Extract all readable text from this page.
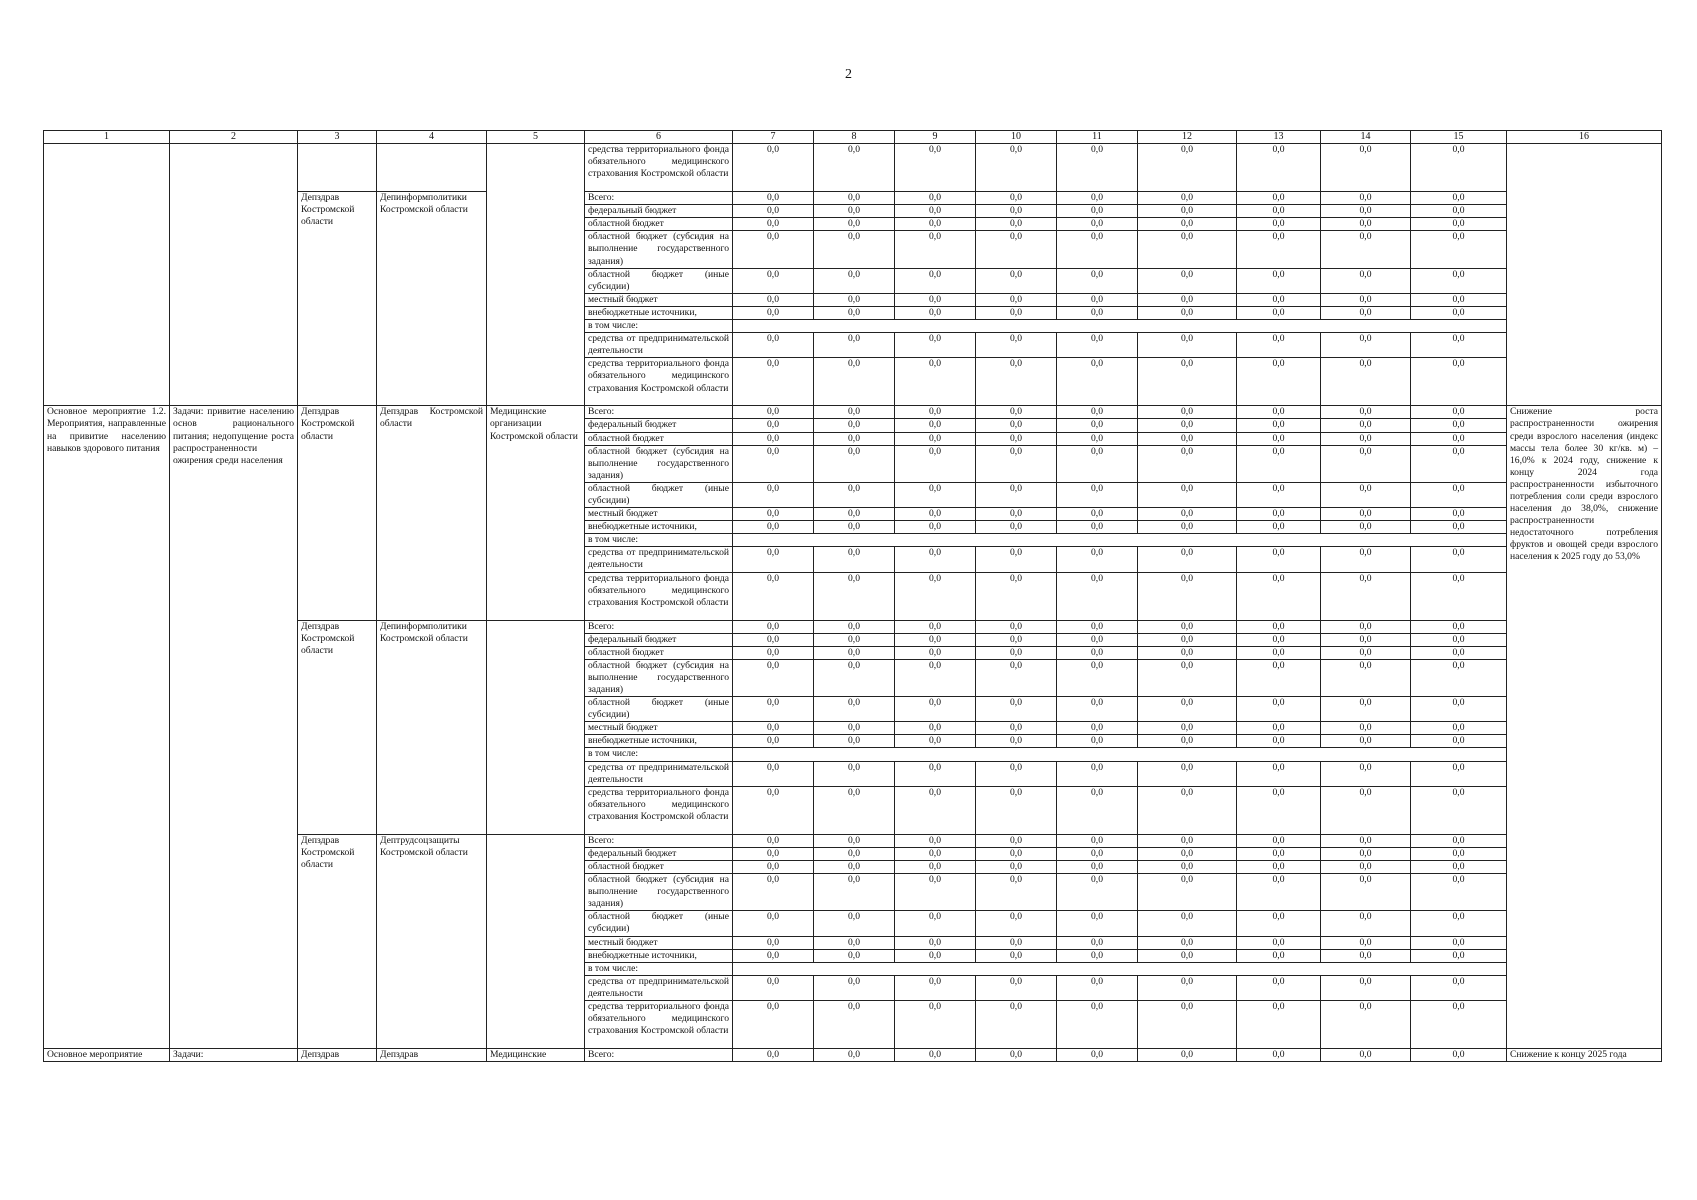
2
1	2	3	4	5	6	7	8	9	10	11	12	13	14	15	16
					средства территориального фонда обязательного медицинского страхования Костромской области	0,0	0,0	0,0	0,0	0,0	0,0	0,0	0,0	0,0	
		Депздрав Костромской области	Депинформполитики Костромской области		Всего:	0,0	0,0	0,0	0,0	0,0	0,0	0,0	0,0	0,0	
					федеральный бюджет	0,0	0,0	0,0	0,0	0,0	0,0	0,0	0,0	0,0	
					областной бюджет	0,0	0,0	0,0	0,0	0,0	0,0	0,0	0,0	0,0	
					областной бюджет (субсидия на выполнение государственного задания)	0,0	0,0	0,0	0,0	0,0	0,0	0,0	0,0	0,0	
					областной бюджет (иные субсидии)	0,0	0,0	0,0	0,0	0,0	0,0	0,0	0,0	0,0	
					местный бюджет	0,0	0,0	0,0	0,0	0,0	0,0	0,0	0,0	0,0	
					внебюджетные источники,	0,0	0,0	0,0	0,0	0,0	0,0	0,0	0,0	0,0	
					в том числе:										
					средства от предпринимательской деятельности	0,0	0,0	0,0	0,0	0,0	0,0	0,0	0,0	0,0	
					средства территориального фонда обязательного медицинского страхования Костромской области	0,0	0,0	0,0	0,0	0,0	0,0	0,0	0,0	0,0	
Основное мероприятие 1.2. Мероприятия, направленные на привитие населению навыков здорового питания	Задачи: привитие населению основ рационального питания; недопущение роста распространенности ожирения среди населения	Депздрав Костромской области	Депздрав Костромской области	Медицинские организации Костромской области	Всего:	0,0	0,0	0,0	0,0	0,0	0,0	0,0	0,0	0,0	Снижение роста распространенности ожирения среди взрослого населения (индекс массы тела более 30 кг/кв. м) – 16,0% к 2024 году, снижение к концу 2024 года распространенности избыточного потребления соли среди взрослого населения до 38,0%, снижение распространенности недостаточного потребления фруктов и овощей среди взрослого населения к 2025 году до 53,0%
					федеральный бюджет	0,0	0,0	0,0	0,0	0,0	0,0	0,0	0,0	0,0	
					областной бюджет	0,0	0,0	0,0	0,0	0,0	0,0	0,0	0,0	0,0	
					областной бюджет (субсидия на выполнение государственного задания)	0,0	0,0	0,0	0,0	0,0	0,0	0,0	0,0	0,0	
					областной бюджет (иные субсидии)	0,0	0,0	0,0	0,0	0,0	0,0	0,0	0,0	0,0	
					местный бюджет	0,0	0,0	0,0	0,0	0,0	0,0	0,0	0,0	0,0	
					внебюджетные источники,	0,0	0,0	0,0	0,0	0,0	0,0	0,0	0,0	0,0	
					в том числе:										
					средства от предпринимательской деятельности	0,0	0,0	0,0	0,0	0,0	0,0	0,0	0,0	0,0	
					средства территориального фонда обязательного медицинского страхования Костромской области	0,0	0,0	0,0	0,0	0,0	0,0	0,0	0,0	0,0	
		Депздрав Костромской области	Депинформполитики Костромской области		Всего:	0,0	0,0	0,0	0,0	0,0	0,0	0,0	0,0	0,0	
					федеральный бюджет	0,0	0,0	0,0	0,0	0,0	0,0	0,0	0,0	0,0	
					областной бюджет	0,0	0,0	0,0	0,0	0,0	0,0	0,0	0,0	0,0	
					областной бюджет (субсидия на выполнение государственного задания)	0,0	0,0	0,0	0,0	0,0	0,0	0,0	0,0	0,0	
					областной бюджет (иные субсидии)	0,0	0,0	0,0	0,0	0,0	0,0	0,0	0,0	0,0	
					местный бюджет	0,0	0,0	0,0	0,0	0,0	0,0	0,0	0,0	0,0	
					внебюджетные источники,	0,0	0,0	0,0	0,0	0,0	0,0	0,0	0,0	0,0	
					в том числе:										
					средства от предпринимательской деятельности	0,0	0,0	0,0	0,0	0,0	0,0	0,0	0,0	0,0	
					средства территориального фонда обязательного медицинского страхования Костромской области	0,0	0,0	0,0	0,0	0,0	0,0	0,0	0,0	0,0	
		Депздрав Костромской области	Дептрудсоцзащиты Костромской области		Всего:	0,0	0,0	0,0	0,0	0,0	0,0	0,0	0,0	0,0	
					федеральный бюджет	0,0	0,0	0,0	0,0	0,0	0,0	0,0	0,0	0,0	
					областной бюджет	0,0	0,0	0,0	0,0	0,0	0,0	0,0	0,0	0,0	
					областной бюджет (субсидия на выполнение государственного задания)	0,0	0,0	0,0	0,0	0,0	0,0	0,0	0,0	0,0	
					областной бюджет (иные субсидии)	0,0	0,0	0,0	0,0	0,0	0,0	0,0	0,0	0,0	
					местный бюджет	0,0	0,0	0,0	0,0	0,0	0,0	0,0	0,0	0,0	
					внебюджетные источники,	0,0	0,0	0,0	0,0	0,0	0,0	0,0	0,0	0,0	
					в том числе:										
					средства от предпринимательской деятельности	0,0	0,0	0,0	0,0	0,0	0,0	0,0	0,0	0,0	
					средства территориального фонда обязательного медицинского страхования Костромской области	0,0	0,0	0,0	0,0	0,0	0,0	0,0	0,0	0,0	
Основное мероприятие	Задачи:	Депздрав	Депздрав	Медицинские	Всего:	0,0	0,0	0,0	0,0	0,0	0,0	0,0	0,0	0,0	Снижение к концу 2025 года
